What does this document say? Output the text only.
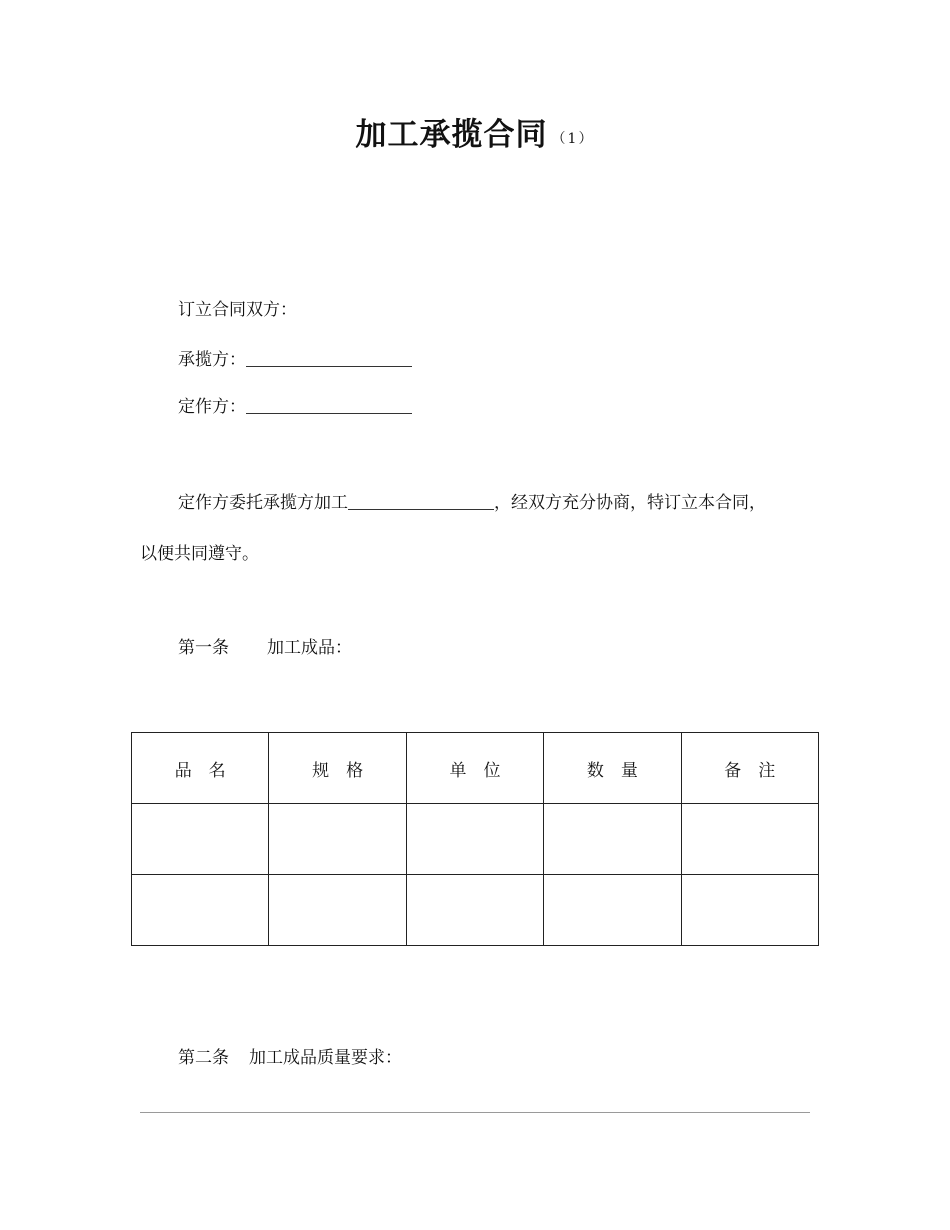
加工承揽合同 （1）
订立合同双方：
承揽方：
定作方：
定作方委托承揽方加工	，经双方充分协商，特订立本合同，
以便共同遵守。
第一条 加工成品：
品　名	规　格	单　位	数　量	备　注

第二条 加工成品质量要求：
